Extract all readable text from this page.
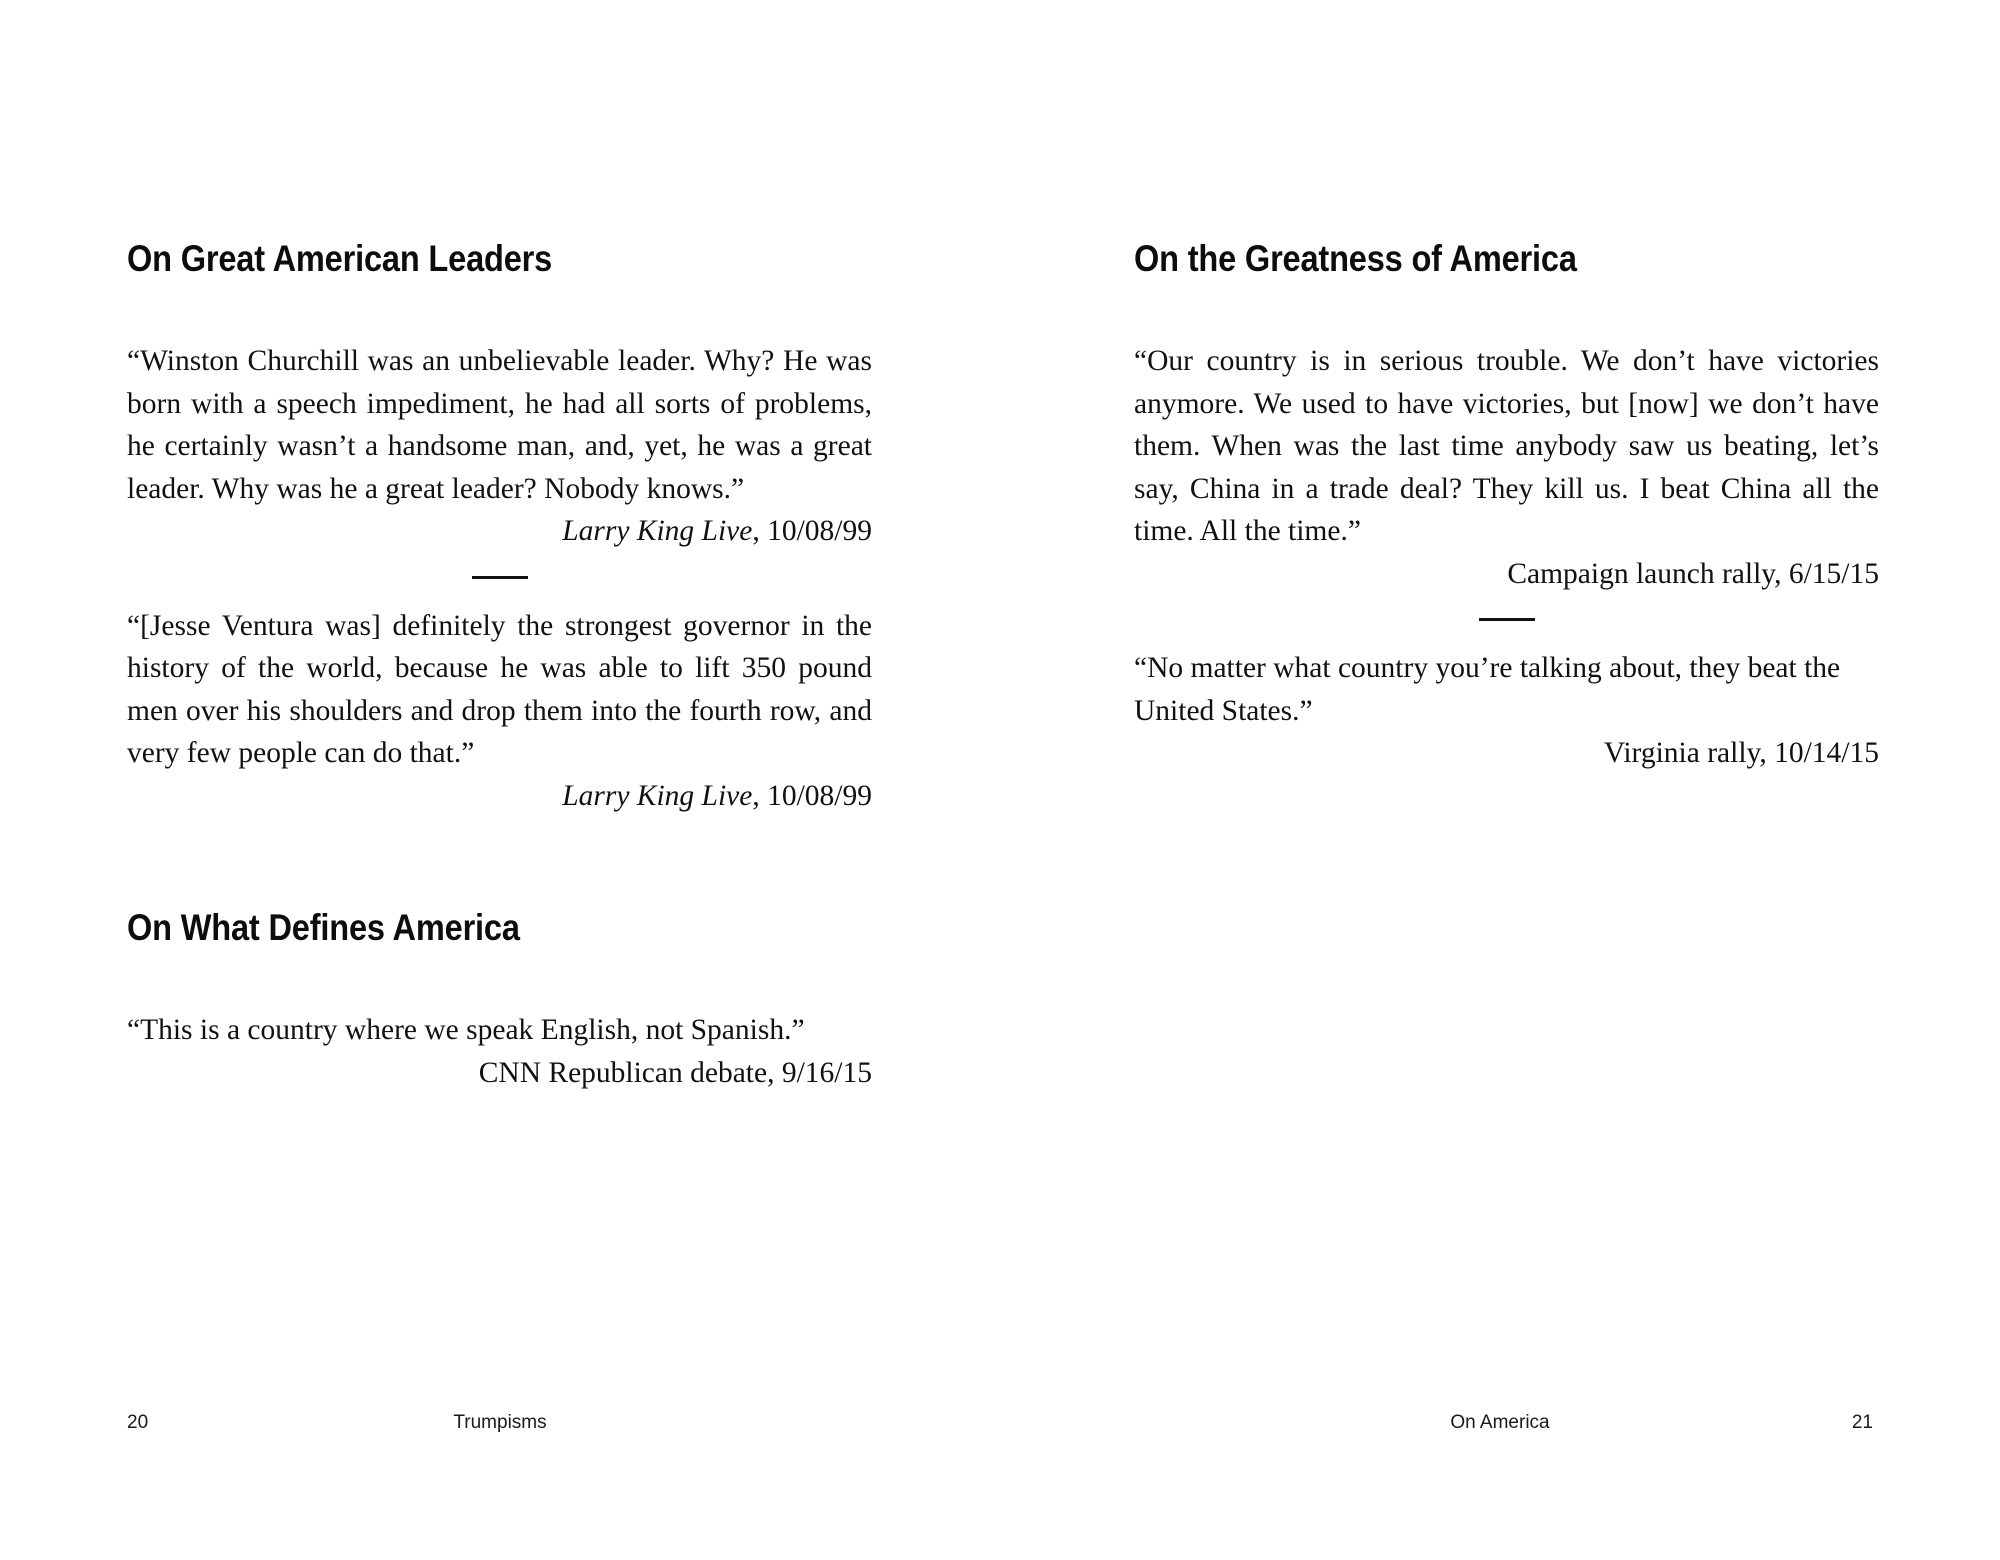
On Great American Leaders

“Winston Churchill was an unbelievable leader. Why? He was born with a speech impediment, he had all sorts of problems, he certainly wasn’t a handsome man, and, yet, he was a great leader. Why was he a great leader? Nobody knows.”

Larry King Live, 10/08/99

“[Jesse Ventura was] definitely the strongest governor in the history of the world, because he was able to lift 350 pound men over his shoulders and drop them into the fourth row, and very few people can do that.”

Larry King Live, 10/08/99

On What Defines America

“This is a country where we speak English, not Spanish.”

CNN Republican debate, 9/16/15

On the Greatness of America

“Our country is in serious trouble. We don’t have victories anymore. We used to have victories, but [now] we don’t have them. When was the last time anybody saw us beating, let’s say, China in a trade deal? They kill us. I beat China all the time. All the time.”

Campaign launch rally, 6/15/15

“No matter what country you’re talking about, they beat the United States.”

Virginia rally, 10/14/15

20	Trumpisms	On America	21
